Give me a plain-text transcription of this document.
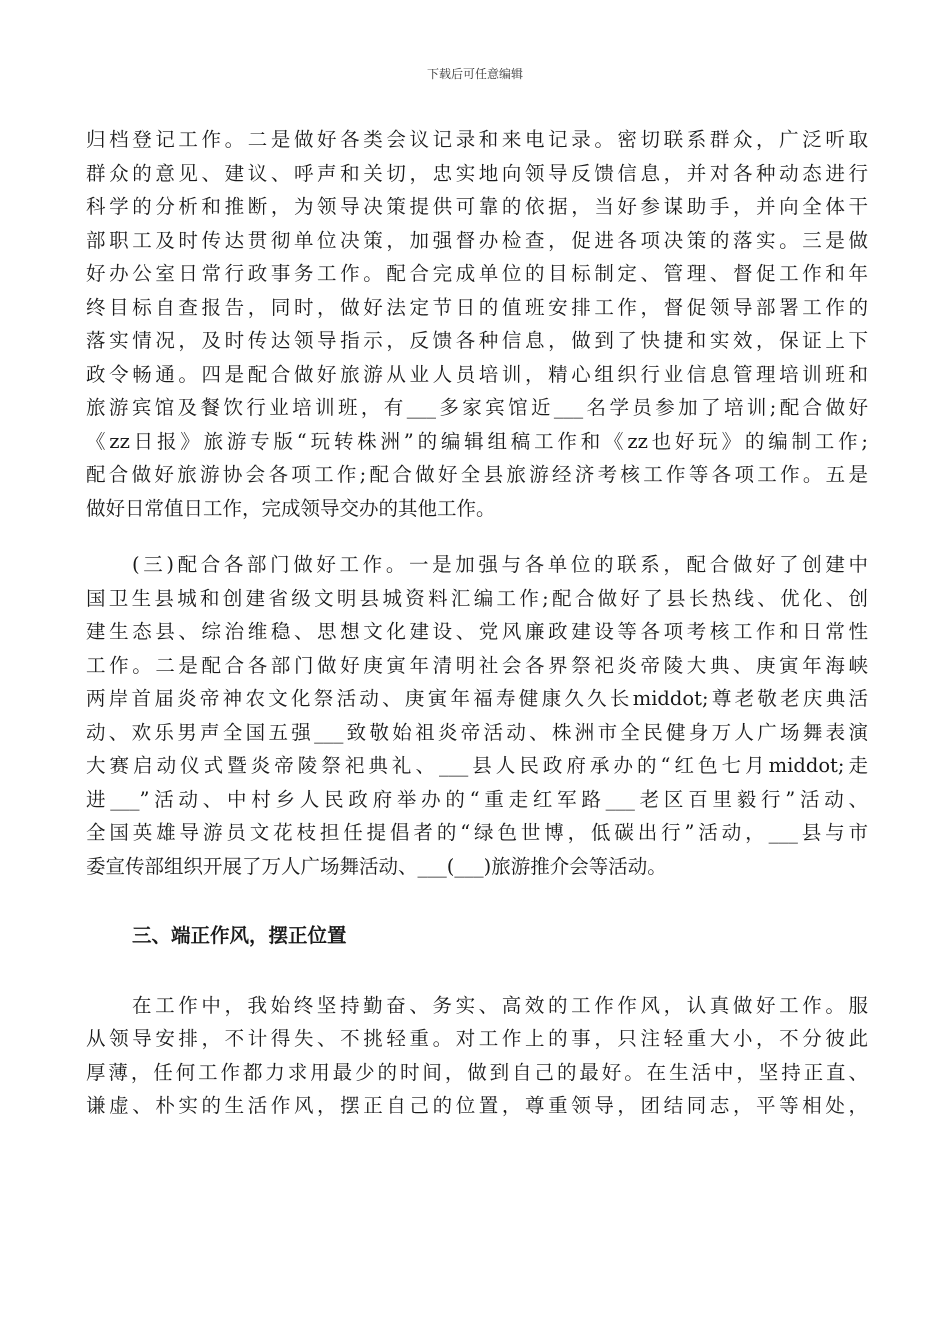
下载后可任意编辑
归档登记工作。二是做好各类会议记录和来电记录。密切联系群众，广泛听取
群众的意见、建议、呼声和关切，忠实地向领导反馈信息，并对各种动态进行
科学的分析和推断，为领导决策提供可靠的依据，当好参谋助手，并向全体干
部职工及时传达贯彻单位决策，加强督办检查，促进各项决策的落实。三是做
好办公室日常行政事务工作。配合完成单位的目标制定、管理、督促工作和年
终目标自查报告，同时，做好法定节日的值班安排工作，督促领导部署工作的
落实情况，及时传达领导指示，反馈各种信息，做到了快捷和实效，保证上下
政令畅通。四是配合做好旅游从业人员培训，精心组织行业信息管理培训班和
旅游宾馆及餐饮行业培训班，有___多家宾馆近___名学员参加了培训;配合做好
《zz日报》旅游专版“玩转株洲”的编辑组稿工作和《zz也好玩》的编制工作;
配合做好旅游协会各项工作;配合做好全县旅游经济考核工作等各项工作。五是
做好日常值日工作，完成领导交办的其他工作。
(三)配合各部门做好工作。一是加强与各单位的联系，配合做好了创建中
国卫生县城和创建省级文明县城资料汇编工作;配合做好了县长热线、优化、创
建生态县、综治维稳、思想文化建设、党风廉政建设等各项考核工作和日常性
工作。二是配合各部门做好庚寅年清明社会各界祭祀炎帝陵大典、庚寅年海峡
两岸首届炎帝神农文化祭活动、庚寅年福寿健康久久长middot;尊老敬老庆典活
动、欢乐男声全国五强___致敬始祖炎帝活动、株洲市全民健身万人广场舞表演
大赛启动仪式暨炎帝陵祭祀典礼、___县人民政府承办的“红色七月middot;走
进___”活动、中村乡人民政府举办的“重走红军路___老区百里毅行”活动、
全国英雄导游员文花枝担任提倡者的“绿色世博，低碳出行”活动，___县与市
委宣传部组织开展了万人广场舞活动、___(___)旅游推介会等活动。
三、端正作风，摆正位置
在工作中，我始终坚持勤奋、务实、高效的工作作风，认真做好工作。服
从领导安排，不计得失、不挑轻重。对工作上的事，只注轻重大小，不分彼此
厚薄，任何工作都力求用最少的时间，做到自己的最好。在生活中，坚持正直、
谦虚、朴实的生活作风，摆正自己的位置，尊重领导，团结同志，平等相处，
